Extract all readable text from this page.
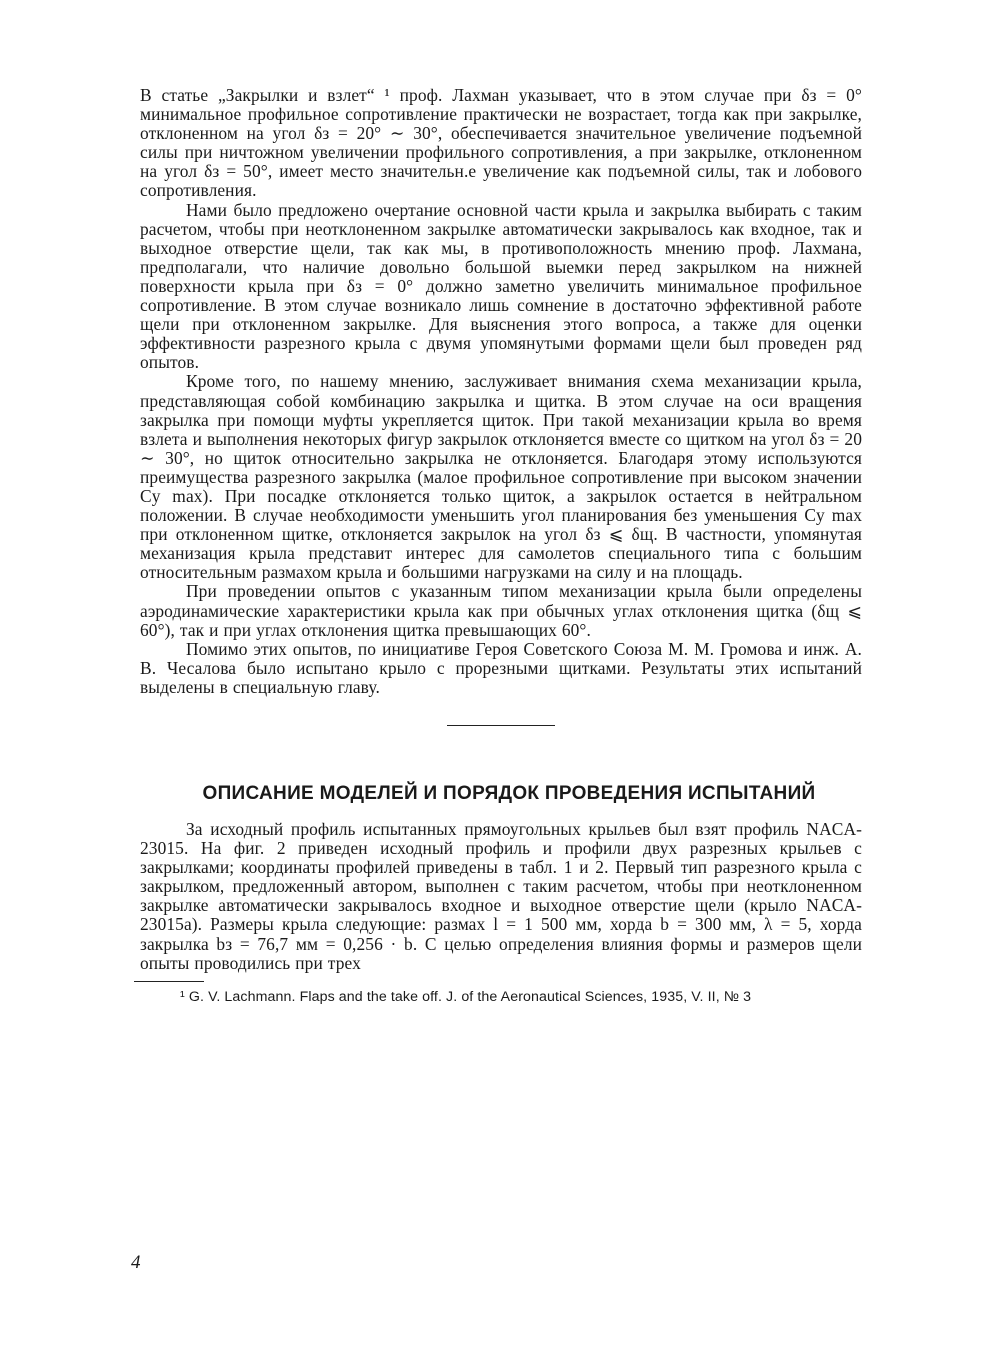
В статье „Закрылки и взлет“ ¹ проф. Лахман указывает, что в этом случае при δз = 0° минимальное профильное сопротивление практически не возрастает, тогда как при закрылке, отклоненном на угол δз = 20° ∼ 30°, обеспечивается значительное увеличение подъемной силы при ничтожном увеличении профильного сопротивления, а при закрылке, отклоненном на угол δз = 50°, имеет место значительн.е увеличение как подъемной силы, так и лобового сопротивления.

Нами было предложено очертание основной части крыла и закрылка выбирать с таким расчетом, чтобы при неотклоненном закрылке автоматически закрывалось как входное, так и выходное отверстие щели, так как мы, в противоположность мнению проф. Лахмана, предполагали, что наличие довольно большой выемки перед закрылком на нижней поверхности крыла при δз = 0° должно заметно увеличить минимальное профильное сопротивление. В этом случае возникало лишь сомнение в достаточно эффективной работе щели при отклоненном закрылке. Для выяснения этого вопроса, а также для оценки эффективности разрезного крыла с двумя упомянутыми формами щели был проведен ряд опытов.

Кроме того, по нашему мнению, заслуживает внимания схема механизации крыла, представляющая собой комбинацию закрылка и щитка. В этом случае на оси вращения закрылка при помощи муфты укрепляется щиток. При такой механизации крыла во время взлета и выполнения некоторых фигур закрылок отклоняется вместе со щитком на угол δз = 20 ∼ 30°, но щиток относительно закрылка не отклоняется. Благодаря этому используются преимущества разрезного закрылка (малое профильное сопротивление при высоком значении Cy max). При посадке отклоняется только щиток, а закрылок остается в нейтральном положении. В случае необходимости уменьшить угол планирования без уменьшения Cy max при отклоненном щитке, отклоняется закрылок на угол δз ⩽ δщ. В частности, упомянутая механизация крыла представит интерес для самолетов специального типа с большим относительным размахом крыла и большими нагрузками на силу и на площадь.

При проведении опытов с указанным типом механизации крыла были определены аэродинамические характеристики крыла как при обычных углах отклонения щитка (δщ ⩽ 60°), так и при углах отклонения щитка превышающих 60°.

Помимо этих опытов, по инициативе Героя Советского Союза М. М. Громова и инж. А. В. Чесалова было испытано крыло с прорезными щитками. Результаты этих испытаний выделены в специальную главу.

ОПИСАНИЕ МОДЕЛЕЙ И ПОРЯДОК ПРОВЕДЕНИЯ ИСПЫТАНИЙ

За исходный профиль испытанных прямоугольных крыльев был взят профиль NACA-23015. На фиг. 2 приведен исходный профиль и профили двух разрезных крыльев с закрылками; координаты профилей приведены в табл. 1 и 2. Первый тип разрезного крыла с закрылком, предложенный автором, выполнен с таким расчетом, чтобы при неотклоненном закрылке автоматически закрывалось входное и выходное отверстие щели (крыло NACA-23015а). Размеры крыла следующие: размах l = 1 500 мм, хорда b = 300 мм, λ = 5, хорда закрылка bз = 76,7 мм = 0,256 · b. С целью определения влияния формы и размеров щели опыты проводились при трех

¹ G. V. Lachmann. Flaps and the take off. J. of the Aeronautical Sciences, 1935, V. II, № 3

4
